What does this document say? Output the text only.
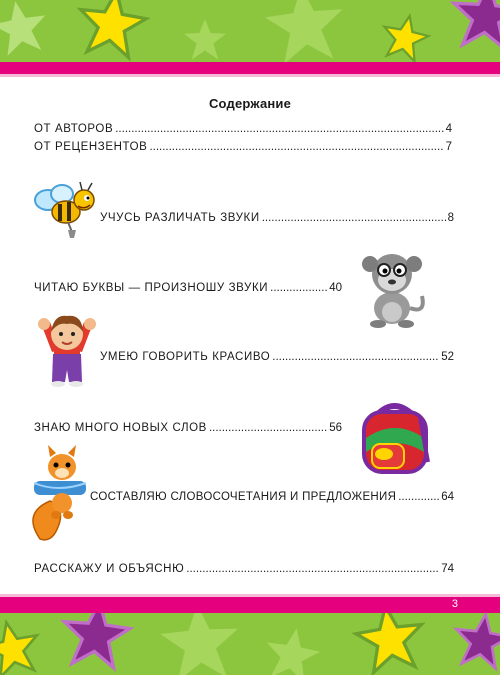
Содержание
ОТ АВТОРОВ .....	4
ОТ РЕЦЕНЗЕНТОВ .....	7
УЧУСЬ РАЗЛИЧАТЬ ЗВУКИ .....	8
ЧИТАЮ БУКВЫ — ПРОИЗНОШУ ЗВУКИ .....	40
УМЕЮ ГОВОРИТЬ КРАСИВО .....	52
ЗНАЮ МНОГО НОВЫХ СЛОВ .....	56
СОСТАВЛЯЮ СЛОВОСОЧЕТАНИЯ И ПРЕДЛОЖЕНИЯ .....	64
РАССКАЖУ И ОБЪЯСНЮ .....	74
3
